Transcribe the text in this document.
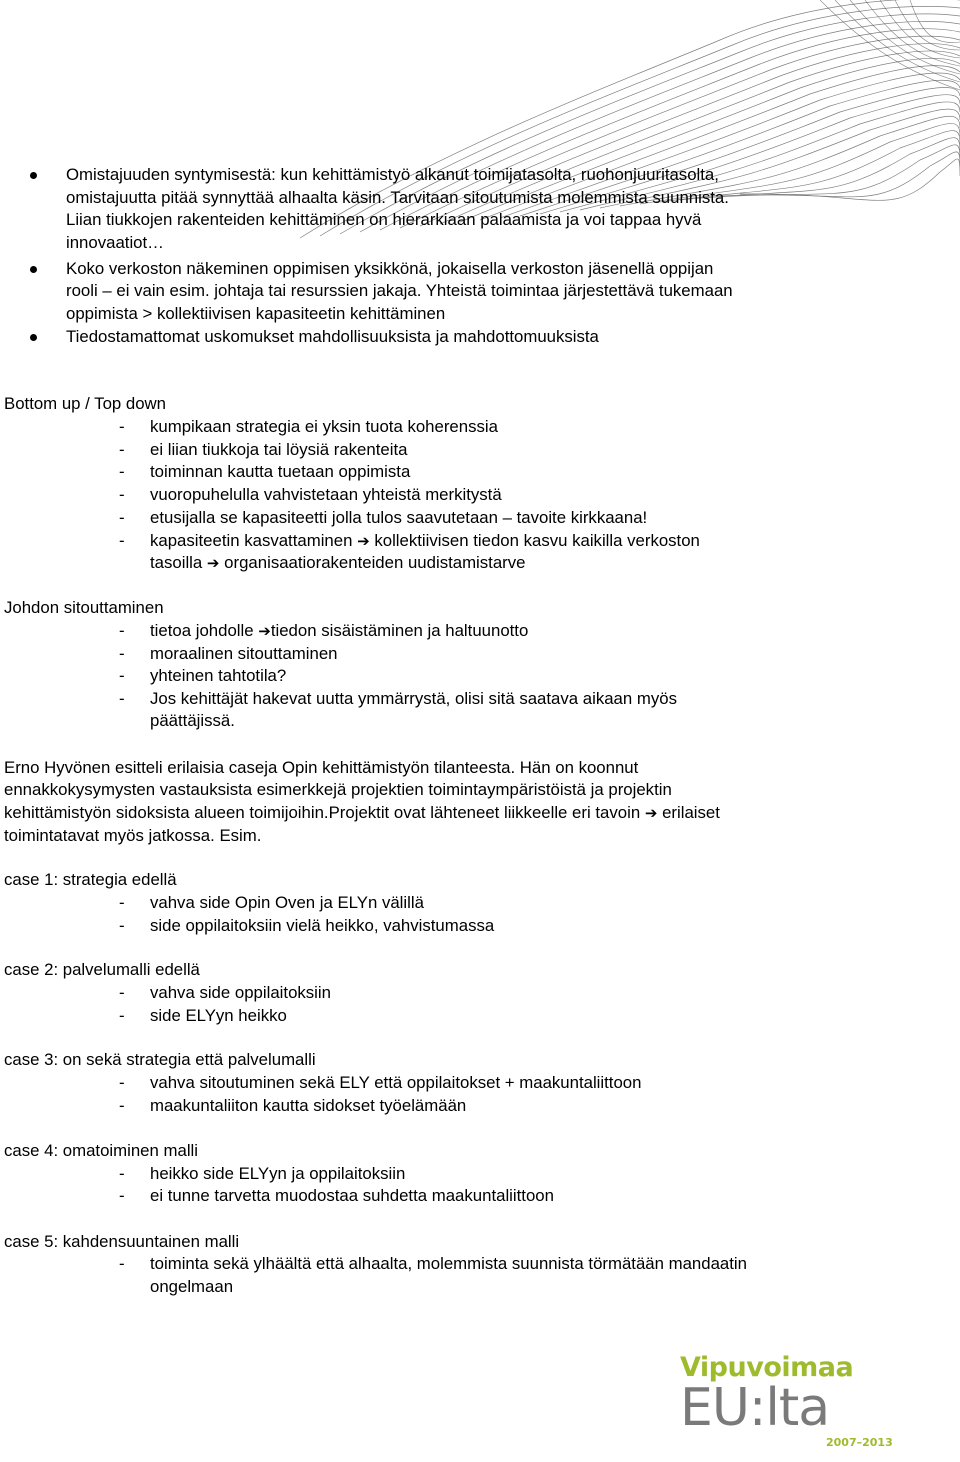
Omistajuuden syntymisestä: kun kehittämistyö alkanut toimijatasolta, ruohonjuuritasolta,
omistajuutta pitää synnyttää alhaalta käsin. Tarvitaan sitoutumista molemmista suunnista.
Liian tiukkojen rakenteiden kehittäminen on hierarkiaan palaamista ja voi tappaa hyvä
innovaatiot…
Koko verkoston näkeminen oppimisen yksikkönä, jokaisella verkoston jäsenellä oppijan
rooli – ei vain esim. johtaja tai resurssien jakaja. Yhteistä toimintaa järjestettävä tukemaan
oppimista > kollektiivisen kapasiteetin kehittäminen
Tiedostamattomat uskomukset mahdollisuuksista ja mahdottomuuksista
Bottom up / Top down
- kumpikaan strategia ei yksin tuota koherenssia
- ei liian tiukkoja tai löysiä rakenteita
- toiminnan kautta tuetaan oppimista
- vuoropuhelulla vahvistetaan yhteistä merkitystä
- etusijalla se kapasiteetti jolla tulos saavutetaan – tavoite kirkkaana!
- kapasiteetin kasvattaminen ➔ kollektiivisen tiedon kasvu kaikilla verkoston
tasoilla ➔ organisaatiorakenteiden uudistamistarve
Johdon sitouttaminen
- tietoa johdolle ➔tiedon sisäistäminen ja haltuunotto
- moraalinen sitouttaminen
- yhteinen tahtotila?
- Jos kehittäjät hakevat uutta ymmärrystä, olisi sitä saatava aikaan myös
päättäjissä.
Erno Hyvönen esitteli erilaisia caseja Opin kehittämistyön tilanteesta. Hän on koonnut
ennakkokysymysten vastauksista esimerkkejä projektien toimintaympäristöistä ja projektin
kehittämistyön sidoksista alueen toimijoihin.Projektit ovat lähteneet liikkeelle eri tavoin ➔ erilaiset
toimintatavat myös jatkossa. Esim.
case 1: strategia edellä
- vahva side Opin Oven ja ELYn välillä
- side oppilaitoksiin vielä heikko, vahvistumassa
case 2: palvelumalli edellä
- vahva side oppilaitoksiin
- side ELYyn heikko
case 3: on sekä strategia että palvelumalli
- vahva sitoutuminen sekä ELY että oppilaitokset + maakuntaliittoon
- maakuntaliiton kautta sidokset työelämään
case 4: omatoiminen malli
- heikko side ELYyn ja oppilaitoksiin
- ei tunne tarvetta muodostaa suhdetta maakuntaliittoon
case 5: kahdensuuntainen malli
- toiminta sekä ylhäältä että alhaalta, molemmista suunnista törmätään mandaatin
ongelmaan
Vipuvoimaa
EU:lta
2007–2013
